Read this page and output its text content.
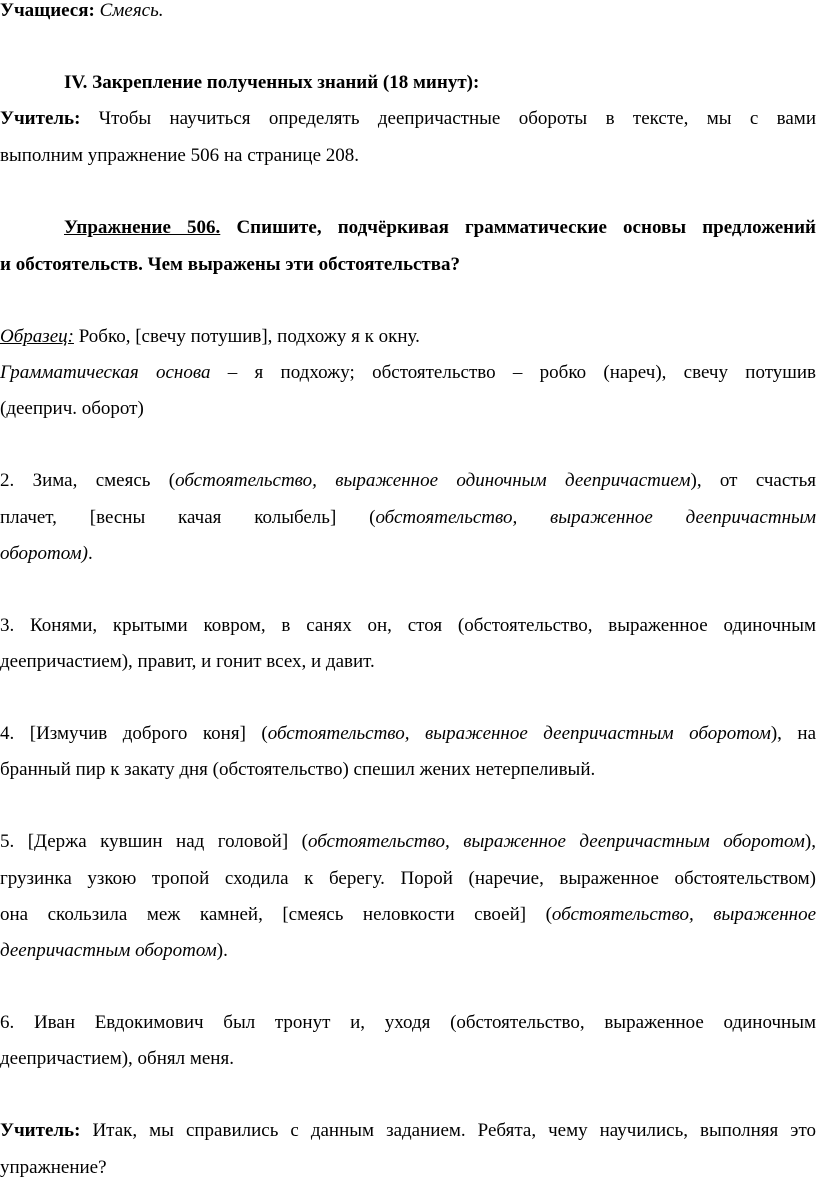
Учащиеся: Смеясь.
IV. Закрепление полученных знаний (18 минут):
Учитель: Чтобы научиться определять деепричастные обороты в тексте, мы с вами
выполним упражнение 506 на странице 208.
Упражнение 506. Спишите, подчёркивая грамматические основы предложений
и обстоятельств. Чем выражены эти обстоятельства?
Образец: Робко, [свечу потушив], подхожу я к окну.
Грамматическая основа – я подхожу; обстоятельство – робко (нареч), свечу потушив
(дееприч. оборот)
2. Зима, смеясь (обстоятельство, выраженное одиночным деепричастием), от счастья
плачет, [весны качая колыбель] (обстоятельство, выраженное деепричастным
оборотом).
3. Конями, крытыми ковром, в санях он, стоя (обстоятельство, выраженное одиночным
деепричастием), правит, и гонит всех, и давит.
4. [Измучив доброго коня] (обстоятельство, выраженное деепричастным оборотом), на
бранный пир к закату дня (обстоятельство) спешил жених нетерпеливый.
5. [Держа кувшин над головой] (обстоятельство, выраженное деепричастным оборотом),
грузинка узкою тропой сходила к берегу. Порой (наречие, выраженное обстоятельством)
она скользила меж камней, [смеясь неловкости своей] (обстоятельство, выраженное
деепричастным оборотом).
6. Иван Евдокимович был тронут и, уходя (обстоятельство, выраженное одиночным
деепричастием), обнял меня.
Учитель: Итак, мы справились с данным заданием. Ребята, чему научились, выполняя это
упражнение?
